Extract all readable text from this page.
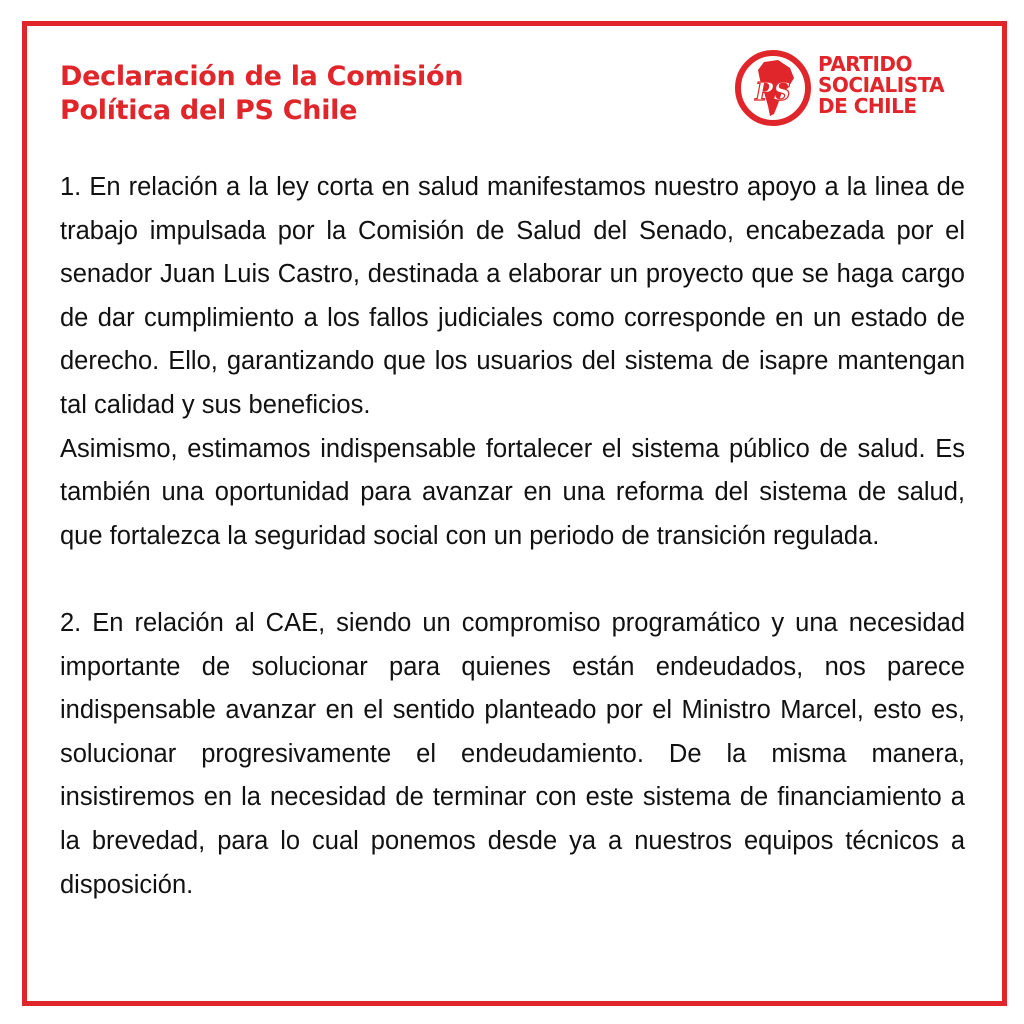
Declaración de la Comisión
Política del PS Chile
PS
PARTIDO
SOCIALISTA
DE CHILE

1. En relación a la ley corta en salud manifestamos nuestro apoyo a la linea de trabajo impulsada por la Comisión de Salud del Senado, encabezada por el senador Juan Luis Castro, destinada a elaborar un proyecto que se haga cargo de dar cumplimiento a los fallos judiciales como corresponde en un estado de derecho. Ello, garantizando que los usuarios del sistema de isapre mantengan tal calidad y sus beneficios.

Asimismo, estimamos indispensable fortalecer el sistema público de salud. Es también una oportunidad para avanzar en una reforma del sistema de salud, que fortalezca la seguridad social con un periodo de transición regulada.

2. En relación al CAE, siendo un compromiso programático y una necesidad importante de solucionar para quienes están endeudados, nos parece indispensable avanzar en el sentido planteado por el Ministro Marcel, esto es, solucionar progresivamente el endeudamiento. De la misma manera, insistiremos en la necesidad de terminar con este sistema de financiamiento a la brevedad, para lo cual ponemos desde ya a nuestros equipos técnicos a disposición.
